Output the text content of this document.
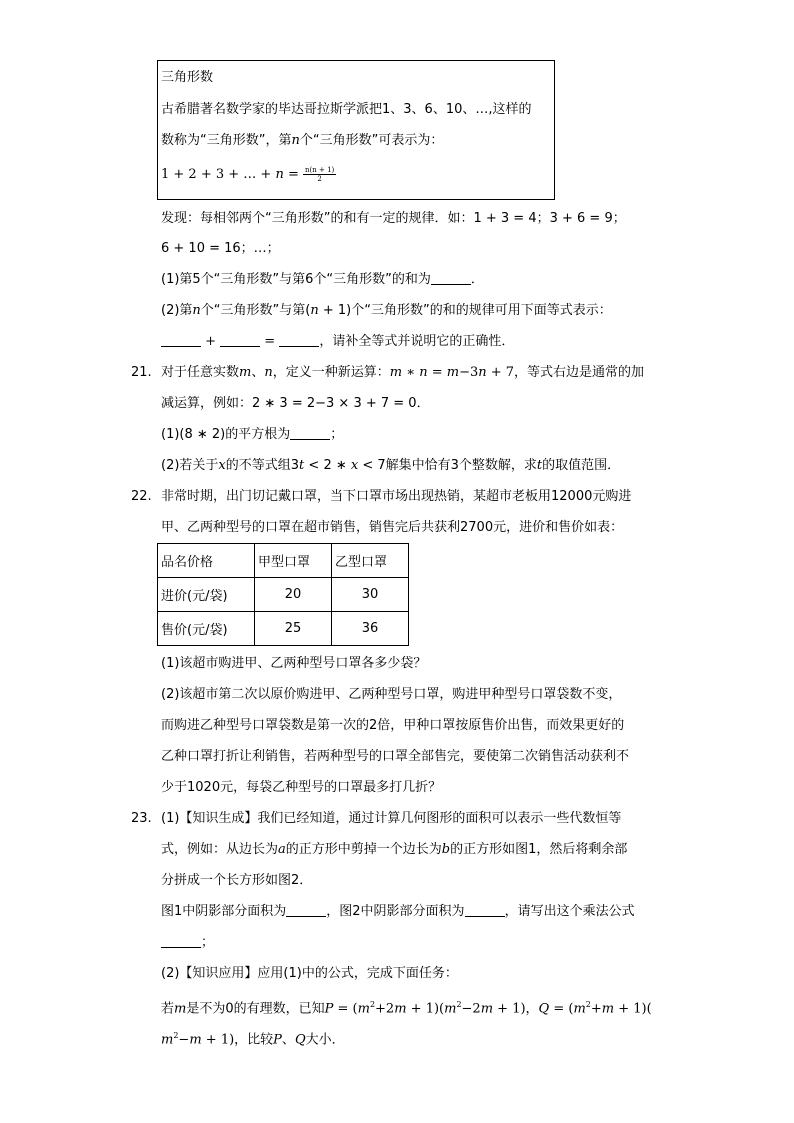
三角形数
古希腊著名数学家的毕达哥拉斯学派把1、3、6、10、…,这样的
数称为“三角形数”，第n个“三角形数”可表示为：
1 + 2 + 3 + … + $n = \frac{n(n + 1)}{2}$
发现：每相邻两个“三角形数”的和有一定的规律．如：1 + 3 = 4；3 + 6 = 9；
6 + 10 = 16；…；
(1)第5个“三角形数”与第6个“三角形数”的和为	．
(2)第n个“三角形数”与第(n + 1)个“三角形数”的和的规律可用下面等式表示：
+	=	，请补全等式并说明它的正确性．
21. 对于任意实数m、n，定义一种新运算：m ∗ n = m−3n + 7，等式右边是通常的加
减运算，例如：2 ∗ 3 = 2−3 × 3 + 7 = 0．
(1)(8 ∗ 2)的平方根为	；
(2)若关于x的不等式组3t < 2 ∗ x < 7解集中恰有3个整数解，求t的取值范围．
22. 非常时期，出门切记戴口罩，当下口罩市场出现热销，某超市老板用12000元购进
甲、乙两种型号的口罩在超市销售，销售完后共获利2700元，进价和售价如表：
品名价格	甲型口罩	乙型口罩
进价(元/袋)	20	30
售价(元/袋)	25	36
(1)该超市购进甲、乙两种型号口罩各多少袋？
(2)该超市第二次以原价购进甲、乙两种型号口罩，购进甲种型号口罩袋数不变，
而购进乙种型号口罩袋数是第一次的2倍，甲种口罩按原售价出售，而效果更好的
乙种口罩打折让利销售，若两种型号的口罩全部售完，要使第二次销售活动获利不
少于1020元，每袋乙种型号的口罩最多打几折？
23. (1)【知识生成】我们已经知道，通过计算几何图形的面积可以表示一些代数恒等
式，例如：从边长为a的正方形中剪掉一个边长为b的正方形如图1，然后将剩余部
分拼成一个长方形如图2．
图1中阴影部分面积为	，图2中阴影部分面积为	，请写出这个乘法公式
；
(2)【知识应用】应用(1)中的公式，完成下面任务：
若m是不为0的有理数，已知$P = (m^2+2m + 1)(m^2-2m + 1)$，$Q = (m^2+m + 1)$(
$m^2-m + 1$)，比较P、Q大小．
